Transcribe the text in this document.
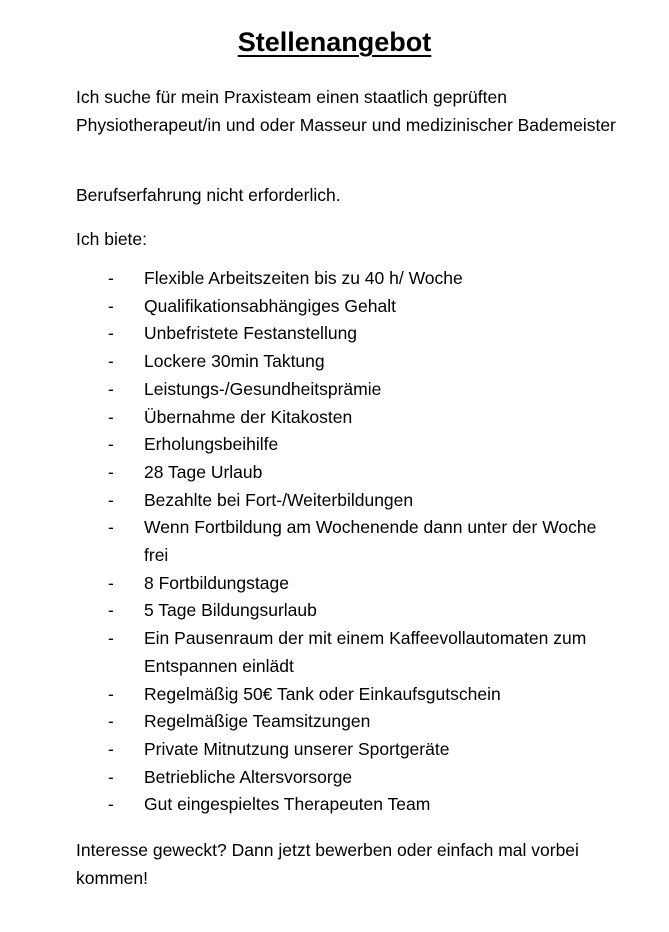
Stellenangebot
Ich suche für mein Praxisteam einen staatlich geprüften Physiotherapeut/in und oder Masseur und medizinischer Bademeister
Berufserfahrung nicht erforderlich.
Ich biete:
- Flexible Arbeitszeiten bis zu 40 h/ Woche
- Qualifikationsabhängiges Gehalt
- Unbefristete Festanstellung
- Lockere 30min Taktung
- Leistungs-/Gesundheitsprämie
- Übernahme der Kitakosten
- Erholungsbeihilfe
- 28 Tage Urlaub
- Bezahlte bei Fort-/Weiterbildungen
- Wenn Fortbildung am Wochenende dann unter der Woche frei
- 8 Fortbildungstage
- 5 Tage Bildungsurlaub
- Ein Pausenraum der mit einem Kaffeevollautomaten zum Entspannen einlädt
- Regelmäßig 50€ Tank oder Einkaufsgutschein
- Regelmäßige Teamsitzungen
- Private Mitnutzung unserer Sportgeräte
- Betriebliche Altersvorsorge
- Gut eingespieltes Therapeuten Team
Interesse geweckt? Dann jetzt bewerben oder einfach mal vorbei kommen!
